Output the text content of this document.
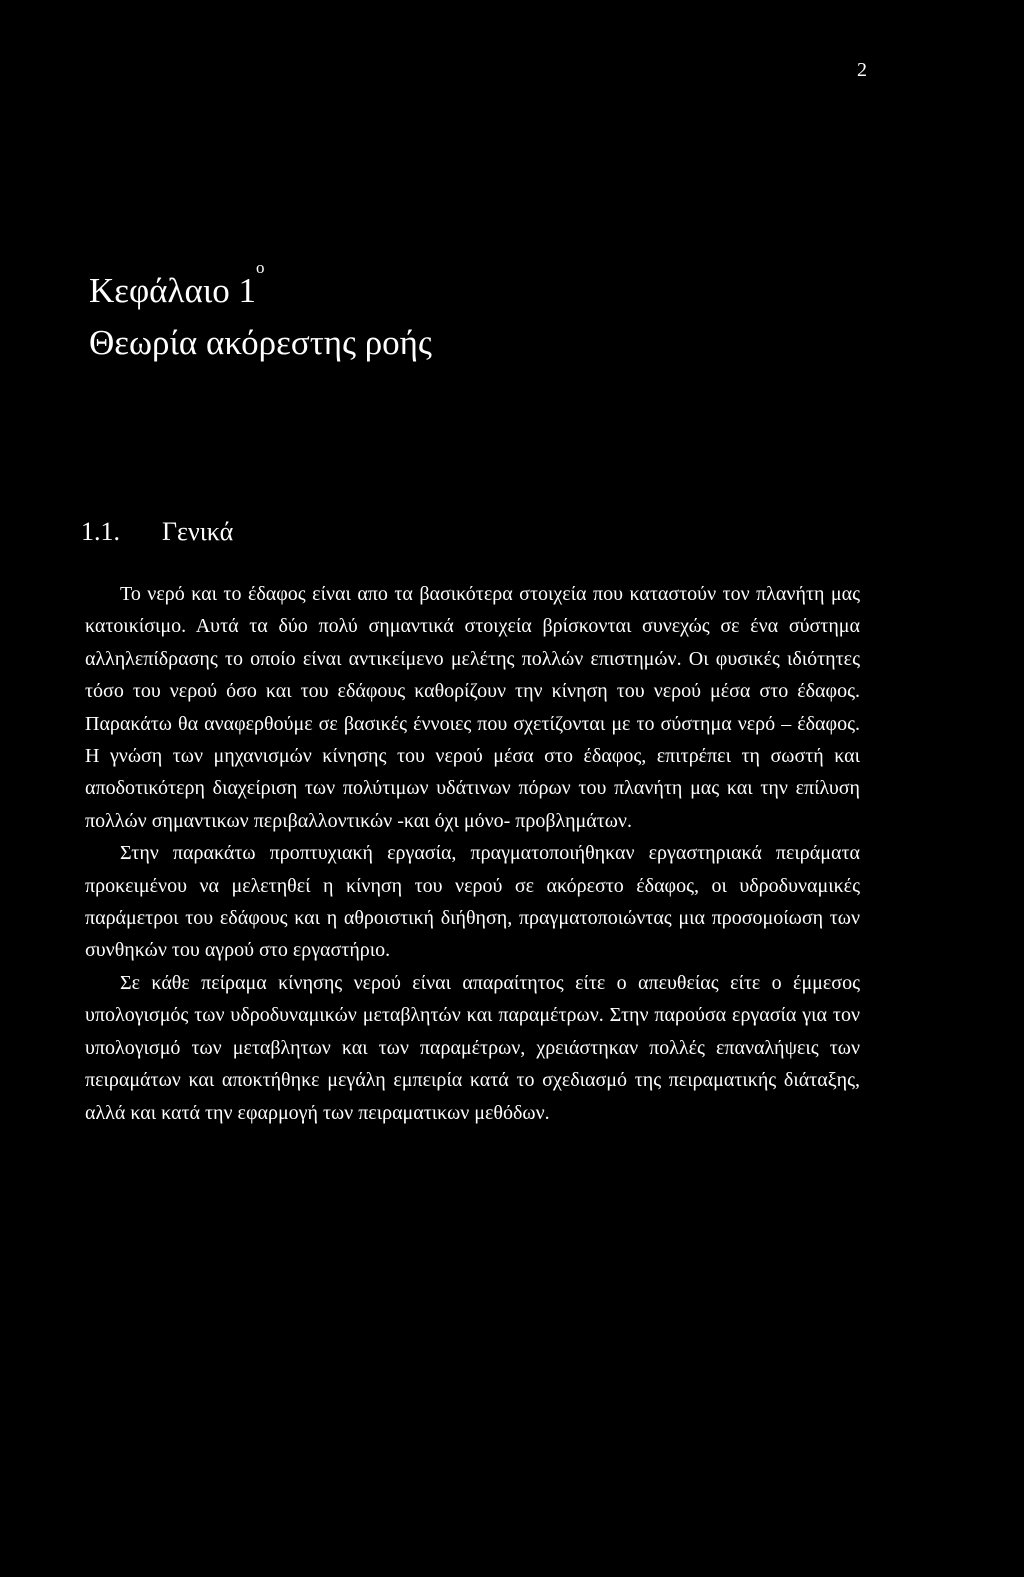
2
Κεφάλαιο $1^o$
Θεωρία ακόρεστης ροής
1.1. Γενικά

Το νερό και το έδαφος είναι απο τα βασικότερα στοιχεία που καταστούν τον πλανήτη μας κατοικίσιμο. Αυτά τα δύο πολύ σημαντικά στοιχεία βρίσκονται συνεχώς σε ένα σύστημα αλληλεπίδρασης το οποίο είναι αντικείμενο μελέτης πολλών επιστημών. Οι φυσικές ιδιότητες τόσο του νερού όσο και του εδάφους καθορίζουν την κίνηση του νερού μέσα στο έδαφος. Παρακάτω θα αναφερθούμε σε βασικές έννοιες που σχετίζονται με το σύστημα νερό – έδαφος. Η γνώση των μηχανισμών κίνησης του νερού μέσα στο έδαφος, επιτρέπει τη σωστή και αποδοτικότερη διαχείριση των πολύτιμων υδάτινων πόρων του πλανήτη μας και την επίλυση πολλών σημαντικων περιβαλλοντικών -και όχι μόνο- προβλημάτων.

Στην παρακάτω προπτυχιακή εργασία, πραγματοποιήθηκαν εργαστηριακά πειράματα προκειμένου να μελετηθεί η κίνηση του νερού σε ακόρεστο έδαφος, οι υδροδυναμικές παράμετροι του εδάφους και η αθροιστική διήθηση, πραγματοποιώντας μια προσομοίωση των συνθηκών του αγρού στο εργαστήριο.

Σε κάθε πείραμα κίνησης νερού είναι απαραίτητος είτε ο απευθείας είτε ο έμμεσος υπολογισμός των υδροδυναμικών μεταβλητών και παραμέτρων. Στην παρούσα εργασία για τον υπολογισμό των μεταβλητων και των παραμέτρων, χρειάστηκαν πολλές επαναλήψεις των πειραμάτων και αποκτήθηκε μεγάλη εμπειρία κατά το σχεδιασμό της πειραματικής διάταξης, αλλά και κατά την εφαρμογή των πειραματικων μεθόδων.
